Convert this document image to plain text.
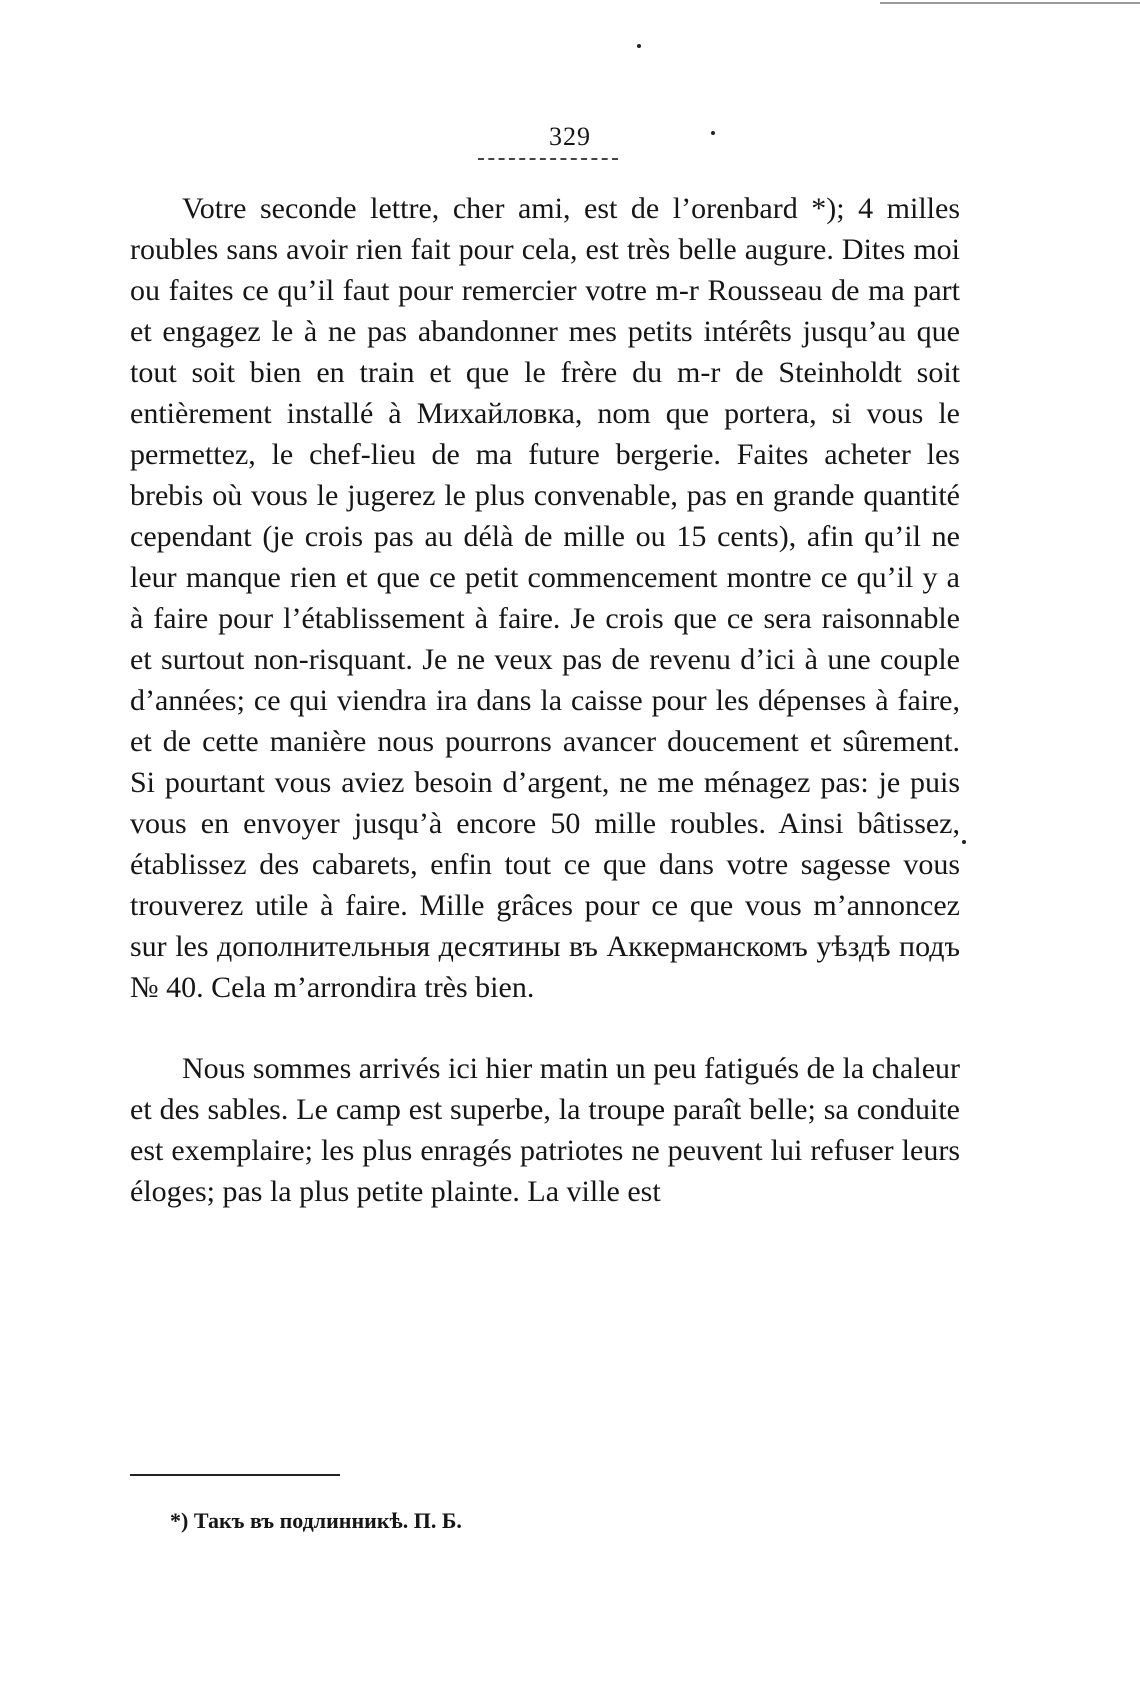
329

Votre seconde lettre, cher ami, est de l’orenbard *); 4 milles roubles sans avoir rien fait pour cela, est très belle augure. Dites moi ou faites ce qu’il faut pour remercier votre m-r Rousseau de ma part et engagez le à ne pas abandonner mes petits intérêts jusqu’au que tout soit bien en train et que le frère du m-r de Steinholdt soit entièrement installé à Михайловка, nom que portera, si vous le permettez, le chef-lieu de ma future bergerie. Faites acheter les brebis où vous le jugerez le plus convenable, pas en grande quantité cependant (je crois pas au délà de mille ou 15 cents), afin qu’il ne leur manque rien et que ce petit commencement montre ce qu’il y a à faire pour l’établissement à faire. Je crois que ce sera raisonnable et surtout non-risquant. Je ne veux pas de revenu d’ici à une couple d’années; ce qui viendra ira dans la caisse pour les dépenses à faire, et de cette manière nous pourrons avancer doucement et sûrement. Si pourtant vous aviez besoin d’argent, ne me ménagez pas: je puis vous en envoyer jusqu’à encore 50 mille roubles. Ainsi bâtissez, établissez des cabarets, enfin tout ce que dans votre sagesse vous trouverez utile à faire. Mille grâces pour ce que vous m’annoncez sur les дополнительныя десятины въ Аккерманскомъ уѣздѣ подъ № 40. Cela m’arrondira très bien.

Nous sommes arrivés ici hier matin un peu fatigués de la chaleur et des sables. Le camp est superbe, la troupe paraît belle; sa conduite est exemplaire; les plus enragés patriotes ne peuvent lui refuser leurs éloges; pas la plus petite plainte. La ville est

*) Такъ въ подлинникѣ. П. Б.
